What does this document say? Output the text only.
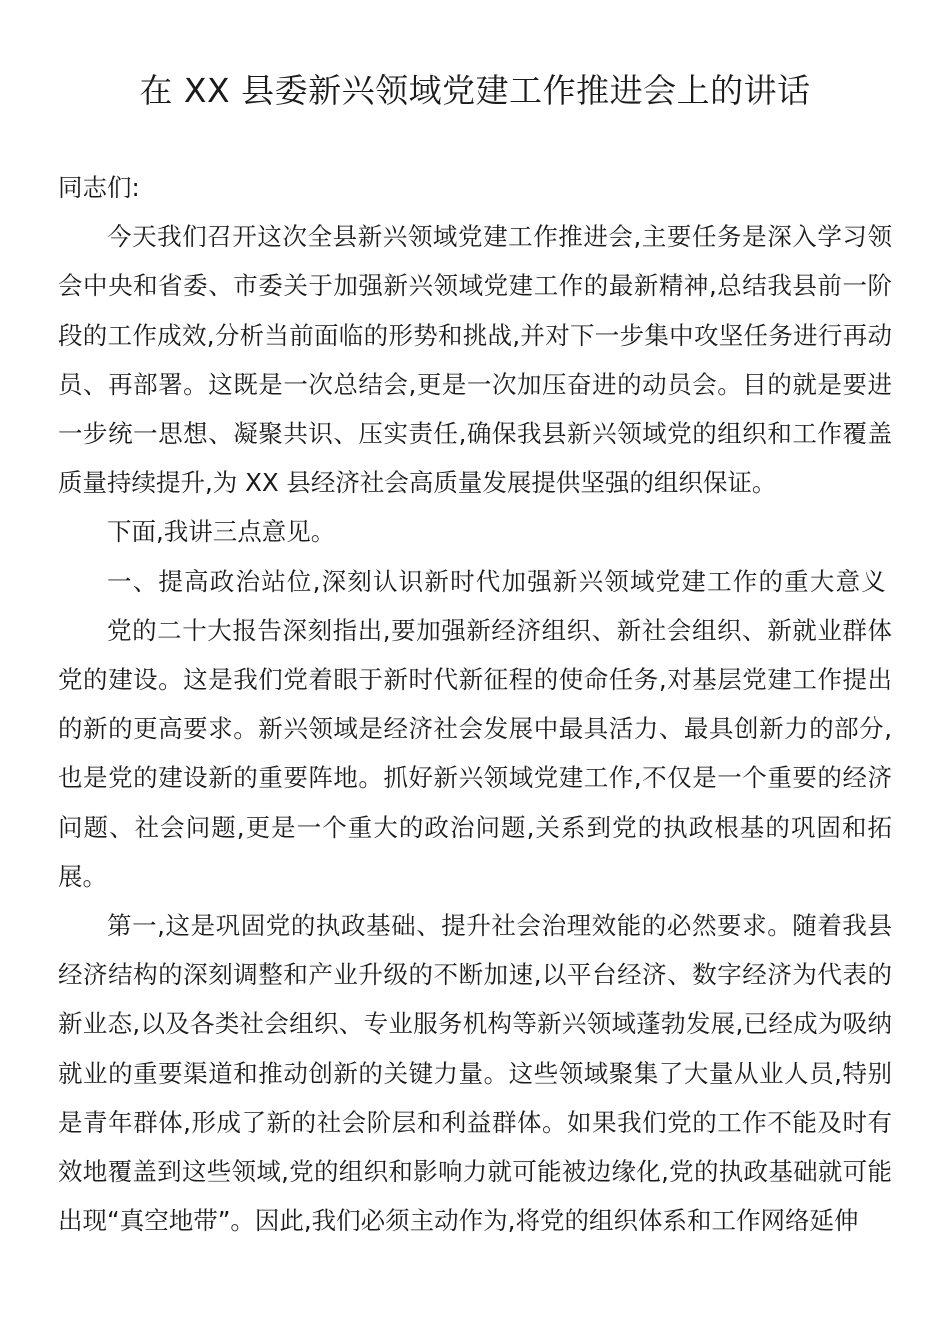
在 XX 县委新兴领域党建工作推进会上的讲话

同志们:

今天我们召开这次全县新兴领域党建工作推进会,主要任务是深入学习领会中央和省委、市委关于加强新兴领域党建工作的最新精神,总结我县前一阶段的工作成效,分析当前面临的形势和挑战,并对下一步集中攻坚任务进行再动员、再部署。这既是一次总结会,更是一次加压奋进的动员会。目的就是要进一步统一思想、凝聚共识、压实责任,确保我县新兴领域党的组织和工作覆盖质量持续提升,为 XX 县经济社会高质量发展提供坚强的组织保证。

下面,我讲三点意见。

一、提高政治站位,深刻认识新时代加强新兴领域党建工作的重大意义

党的二十大报告深刻指出,要加强新经济组织、新社会组织、新就业群体党的建设。这是我们党着眼于新时代新征程的使命任务,对基层党建工作提出的新的更高要求。新兴领域是经济社会发展中最具活力、最具创新力的部分,也是党的建设新的重要阵地。抓好新兴领域党建工作,不仅是一个重要的经济问题、社会问题,更是一个重大的政治问题,关系到党的执政根基的巩固和拓展。

第一,这是巩固党的执政基础、提升社会治理效能的必然要求。随着我县经济结构的深刻调整和产业升级的不断加速,以平台经济、数字经济为代表的新业态,以及各类社会组织、专业服务机构等新兴领域蓬勃发展,已经成为吸纳就业的重要渠道和推动创新的关键力量。这些领域聚集了大量从业人员,特别是青年群体,形成了新的社会阶层和利益群体。如果我们党的工作不能及时有效地覆盖到这些领域,党的组织和影响力就可能被边缘化,党的执政基础就可能出现“真空地带”。因此,我们必须主动作为,将党的组织体系和工作网络延伸
